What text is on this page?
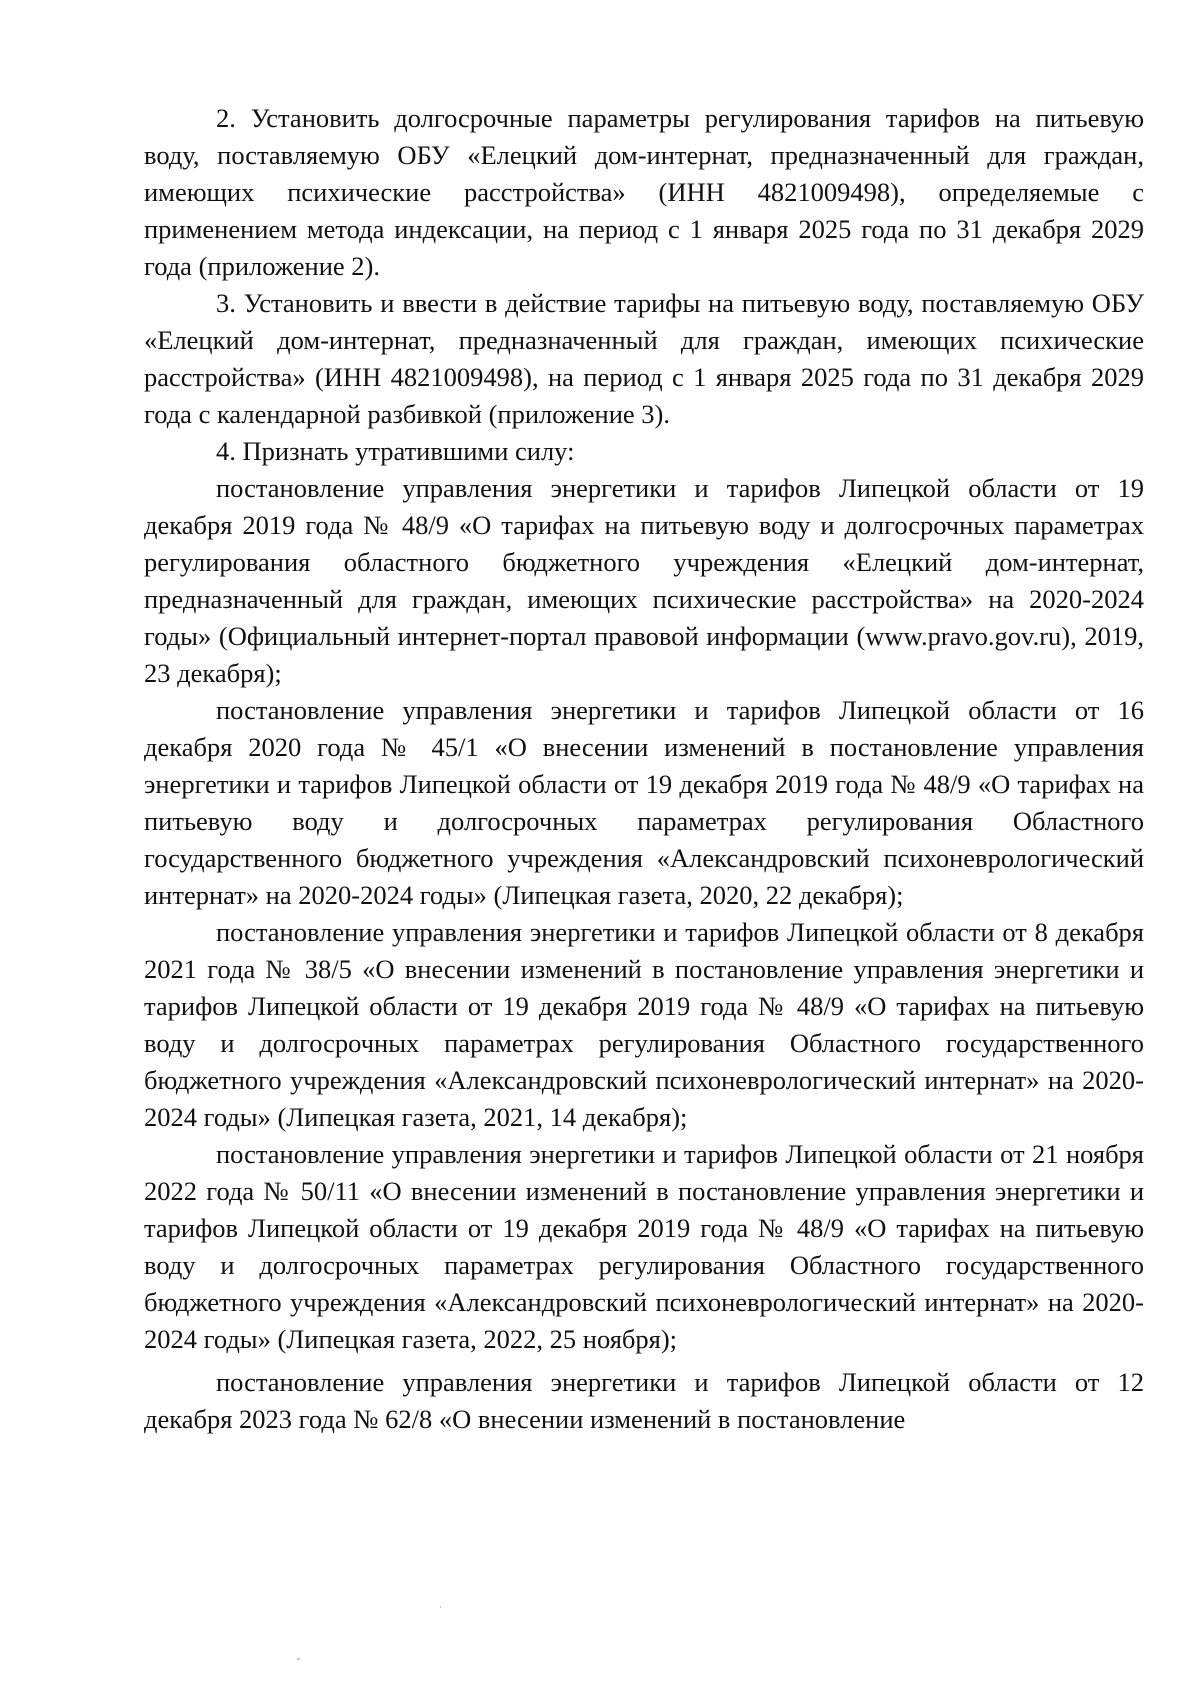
2. Установить долгосрочные параметры регулирования тарифов на питьевую воду, поставляемую ОБУ «Елецкий дом-интернат, предназначенный для граждан, имеющих психические расстройства» (ИНН 4821009498), определяемые с применением метода индексации, на период с 1 января 2025 года по 31 декабря 2029 года (приложение 2).

3. Установить и ввести в действие тарифы на питьевую воду, поставляемую ОБУ «Елецкий дом-интернат, предназначенный для граждан, имеющих психические расстройства» (ИНН 4821009498), на период с 1 января 2025 года по 31 декабря 2029 года с календарной разбивкой (приложение 3).

4. Признать утратившими силу:

постановление управления энергетики и тарифов Липецкой области от 19 декабря 2019 года № 48/9 «О тарифах на питьевую воду и долгосрочных параметрах регулирования областного бюджетного учреждения «Елецкий дом-интернат, предназначенный для граждан, имеющих психические расстройства» на 2020-2024 годы» (Официальный интернет-портал правовой информации (www.pravo.gov.ru), 2019, 23 декабря);

постановление управления энергетики и тарифов Липецкой области от 16 декабря 2020 года № 45/1 «О внесении изменений в постановление управления энергетики и тарифов Липецкой области от 19 декабря 2019 года № 48/9 «О тарифах на питьевую воду и долгосрочных параметрах регулирования Областного государственного бюджетного учреждения «Александровский психоневрологический интернат» на 2020-2024 годы» (Липецкая газета, 2020, 22 декабря);

постановление управления энергетики и тарифов Липецкой области от 8 декабря 2021 года № 38/5 «О внесении изменений в постановление управления энергетики и тарифов Липецкой области от 19 декабря 2019 года № 48/9 «О тарифах на питьевую воду и долгосрочных параметрах регулирования Областного государственного бюджетного учреждения «Александровский психоневрологический интернат» на 2020-2024 годы» (Липецкая газета, 2021, 14 декабря);

постановление управления энергетики и тарифов Липецкой области от 21 ноября 2022 года № 50/11 «О внесении изменений в постановление управления энергетики и тарифов Липецкой области от 19 декабря 2019 года № 48/9 «О тарифах на питьевую воду и долгосрочных параметрах регулирования Областного государственного бюджетного учреждения «Александровский психоневрологический интернат» на 2020-2024 годы» (Липецкая газета, 2022, 25 ноября);

постановление управления энергетики и тарифов Липецкой области от 12 декабря 2023 года № 62/8 «О внесении изменений в постановление
